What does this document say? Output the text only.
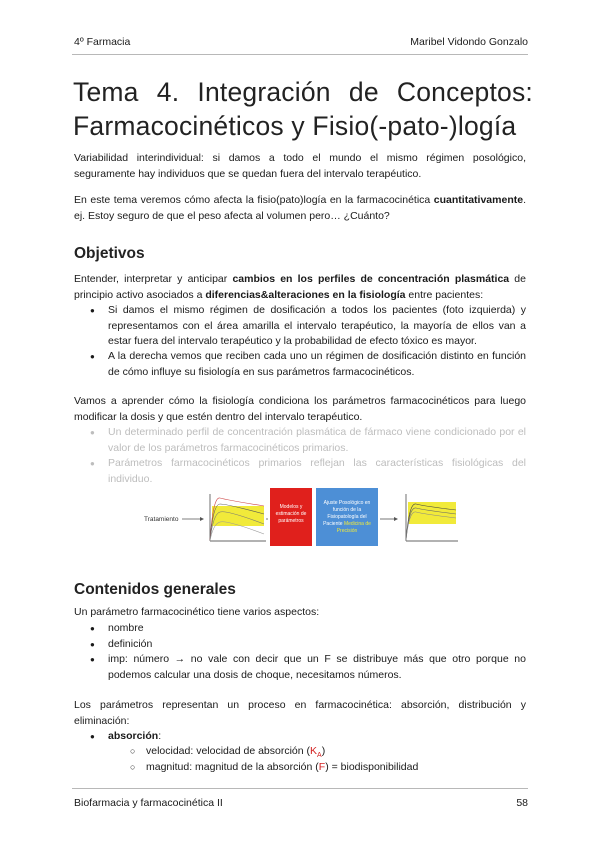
4º Farmacia	Maribel Vidondo Gonzalo
Tema 4. Integración de Conceptos:
Farmacocinéticos y Fisio(-pato-)logía
Variabilidad interindividual: si damos a todo el mundo el mismo régimen posológico, seguramente hay individuos que se quedan fuera del intervalo terapéutico.
En este tema veremos cómo afecta la fisio(pato)logía en la farmacocinética cuantitativamente. ej. Estoy seguro de que el peso afecta al volumen pero… ¿Cuánto?
Objetivos
Entender, interpretar y anticipar cambios en los perfiles de concentración plasmática de principio activo asociados a diferencias&alteraciones en la fisiología entre pacientes:
● Si damos el mismo régimen de dosificación a todos los pacientes (foto izquierda) y representamos con el área amarilla el intervalo terapéutico, la mayoría de ellos van a estar fuera del intervalo terapéutico y la probabilidad de efecto tóxico es mayor.
● A la derecha vemos que reciben cada uno un régimen de dosificación distinto en función de cómo influye su fisiología en sus parámetros farmacocinéticos.
Vamos a aprender cómo la fisiología condiciona los parámetros farmacocinéticos para luego modificar la dosis y que estén dentro del intervalo terapéutico.
● Un determinado perfil de concentración plasmática de fármaco viene condicionado por el valor de los parámetros farmacocinéticos primarios.
● Parámetros farmacocinéticos primarios reflejan las características fisiológicas del individuo.
Tratamiento
Modelos y estimación de parámetros
Ajuste Posológico en función de la Fisiopatología del Paciente Medicina de Precisión
Contenidos generales
Un parámetro farmacocinético tiene varios aspectos:
● nombre
● definición
● imp: número → no vale con decir que un F se distribuye más que otro porque no podemos calcular una dosis de choque, necesitamos números.
Los parámetros representan un proceso en farmacocinética: absorción, distribución y eliminación:
● absorción:
○ velocidad: velocidad de absorción $(K_A)$
○ magnitud: magnitud de la absorción (F) = biodisponibilidad
Biofarmacia y farmacocinética II	58
